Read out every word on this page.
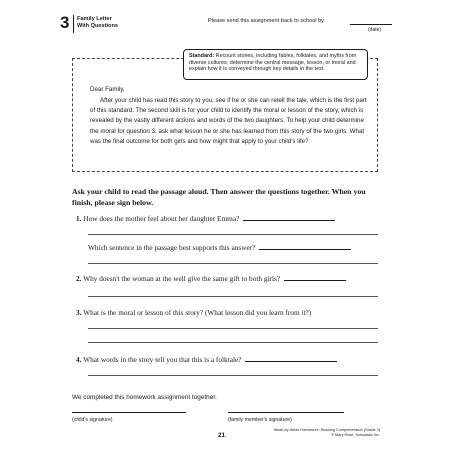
3 Family Letter
With Questions
Please send this assignment back to school by
(date)
Standard: Recount stories, including fables, folktales, and myths from diverse cultures; determine the central message, lesson, or moral and explain how it is conveyed through key details in the text.
Dear Family,

After your child has read this story to you, see if he or she can retell the tale, which is the first part of this standard. The second skill is for your child to identify the moral or lesson of the story, which is revealed by the vastly different actions and words of the two daughters. To help your child determine the moral for question 3, ask what lesson he or she has learned from this story of the two girls. What was the final outcome for both girls and how might that apply to your child's life?

Ask your child to read the passage aloud. Then answer the questions together. When you finish, please sign below.

1. How does the mother feel about her daughter Emma?
Which sentence in the passage best supports this answer?
2. Why doesn't the woman at the well give the same gift to both girls?
3. What is the moral or lesson of this story? (What lesson did you learn from it?)
4. What words in the story tell you that this is a folktale?
We completed this homework assignment together.
(child's signature)	(family member's signature)
21
Week-by-Week Homework: Reading Comprehension (Grade 3)
© Mary Rose, Scholastic Inc.
